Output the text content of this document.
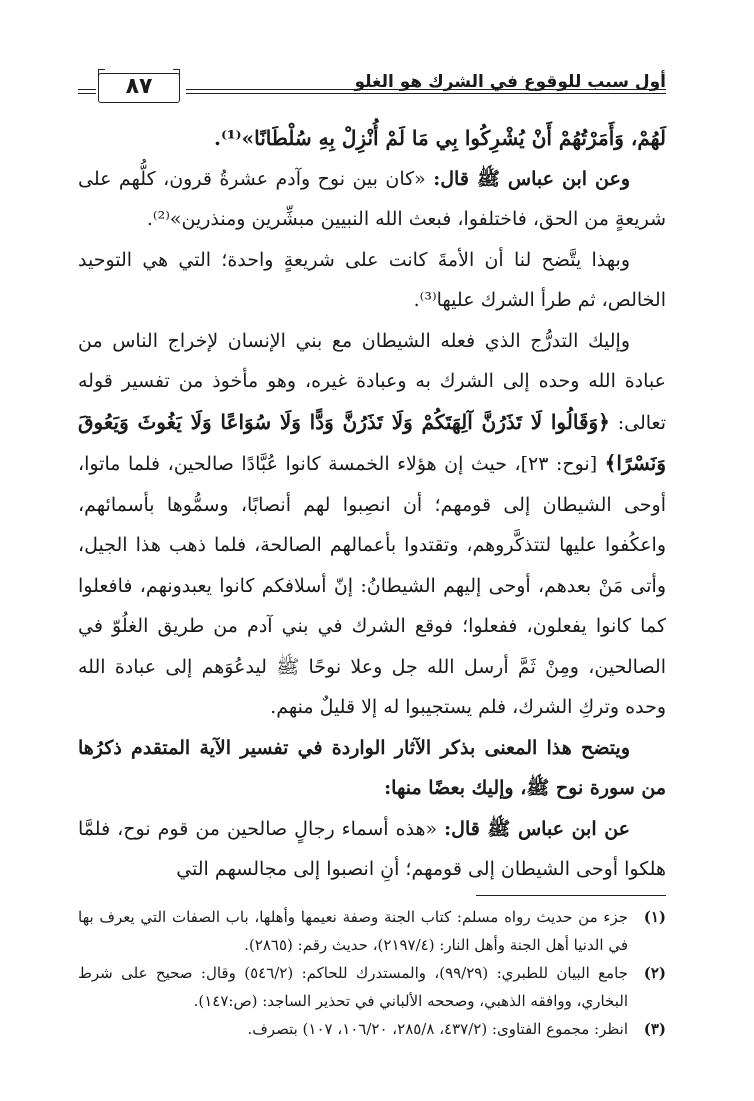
أول سبب للوقوع في الشرك هو الغلو
٨٧

لَهُمْ، وَأَمَرْتُهُمْ أَنْ يُشْرِكُوا بِي مَا لَمْ أُنْزِلْ بِهِ سُلْطَانًا»⁽¹⁾.

وعن ابن عباس ﷺ قال: «كان بين نوح وآدم عشرةُ قرون، كلُّهم على شريعةٍ من الحق، فاختلفوا، فبعث الله النبيين مبشِّرين ومنذرين»⁽²⁾.

وبهذا يتَّضح لنا أن الأمةَ كانت على شريعةٍ واحدة؛ التي هي التوحيد الخالص، ثم طرأ الشرك عليها⁽³⁾.

وإليك التدرُّج الذي فعله الشيطان مع بني الإنسان لإخراج الناس من عبادة الله وحده إلى الشرك به وعبادة غيره، وهو مأخوذ من تفسير قوله تعالى: ﴿وَقَالُوا لَا تَذَرُنَّ آلِهَتَكُمْ وَلَا تَذَرُنَّ وَدًّا وَلَا سُوَاعًا وَلَا يَغُوثَ وَيَعُوقَ وَنَسْرًا﴾ [نوح: ٢٣]، حيث إن هؤلاء الخمسة كانوا عُبَّادًا صالحين، فلما ماتوا، أوحى الشيطان إلى قومهم؛ أن انصِبوا لهم أنصابًا، وسمُّوها بأسمائهم، واعكُفوا عليها لتتذكَّروهم، وتقتدوا بأعمالهم الصالحة، فلما ذهب هذا الجيل، وأتى مَنْ بعدهم، أوحى إليهم الشيطانُ: إنّ أسلافكم كانوا يعبدونهم، فافعلوا كما كانوا يفعلون، ففعلوا؛ فوقع الشرك في بني آدم من طريق الغلُوّ في الصالحين، ومِنْ ثَمَّ أرسل الله جل وعلا نوحًا ﷺ ليدعُوَهم إلى عبادة الله وحده وتركِ الشرك، فلم يستجيبوا له إلا قليلٌ منهم.

ويتضح هذا المعنى بذكر الآثار الواردة في تفسير الآية المتقدم ذكرُها من سورة نوح ﷺ، وإليك بعضًا منها:

عن ابن عباس ﷺ قال: «هذه أسماء رجالٍ صالحين من قوم نوح، فلمَّا هلكوا أوحى الشيطان إلى قومهم؛ أنِ انصبوا إلى مجالسهم التي

(١)
جزء من حديث رواه مسلم: كتاب الجنة وصفة نعيمها وأهلها، باب الصفات التي يعرف بها في الدنيا أهل الجنة وأهل النار: (٢١٩٧/٤)، حديث رقم: (٢٨٦٥).
(٢)
جامع البيان للطبري: (٩٩/٢٩)، والمستدرك للحاكم: (٥٤٦/٢) وقال: صحيح على شرط البخاري، ووافقه الذهبي، وصححه الألباني في تحذير الساجد: (ص:١٤٧).
(٣)
انظر: مجموع الفتاوى: (٤٣٧/٢، ٢٨٥/٨، ١٠٦/٢٠، ١٠٧) بتصرف.
